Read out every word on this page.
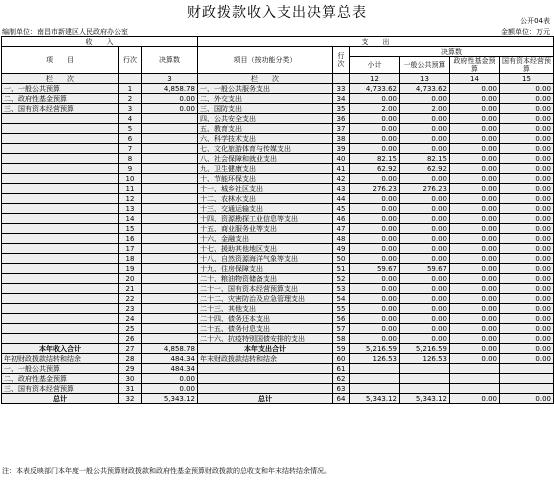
财政拨款收入支出决算总表	公开04表
编制单位：南昌市新建区人民政府办公室	金额单位：万元
收　　入			支　　出					
项　　目	行次	决算数	项目（按功能分类）	行次	决算数			
					小计	一般公共预算	政府性基金预算	国有资本经营预算

栏　　次		3	栏　　次		12	13	14	15
一、一般公共预算	1	4,858.78	一、一般公共服务支出	33	4,733.62	4,733.62	0.00	0.00
二、政府性基金预算	2	0.00	二、外交支出	34	0.00	0.00	0.00	0.00
三、国有资本经营预算	3	0.00	三、国防支出	35	2.00	2.00	0.00	0.00
	4		四、公共安全支出	36	0.00	0.00	0.00	0.00
	5		五、教育支出	37	0.00	0.00	0.00	0.00
	6		六、科学技术支出	38	0.00	0.00	0.00	0.00
	7		七、文化旅游体育与传媒支出	39	0.00	0.00	0.00	0.00
	8		八、社会保障和就业支出	40	82.15	82.15	0.00	0.00
	9		九、卫生健康支出	41	62.92	62.92	0.00	0.00
	10		十、节能环保支出	42	0.00	0.00	0.00	0.00
	11		十一、城乡社区支出	43	276.23	276.23	0.00	0.00
	12		十二、农林水支出	44	0.00	0.00	0.00	0.00
	13		十三、交通运输支出	45	0.00	0.00	0.00	0.00
	14		十四、资源勘探工业信息等支出	46	0.00	0.00	0.00	0.00
	15		十五、商业服务业等支出	47	0.00	0.00	0.00	0.00
	16		十六、金融支出	48	0.00	0.00	0.00	0.00
	17		十七、援助其他地区支出	49	0.00	0.00	0.00	0.00
	18		十八、自然资源海洋气象等支出	50	0.00	0.00	0.00	0.00
	19		十九、住房保障支出	51	59.67	59.67	0.00	0.00
	20		二十、粮油物资储备支出	52	0.00	0.00	0.00	0.00
	21		二十一、国有资本经营预算支出	53	0.00	0.00	0.00	0.00
	22		二十二、灾害防治及应急管理支出	54	0.00	0.00	0.00	0.00
	23		二十三、其他支出	55	0.00	0.00	0.00	0.00
	24		二十四、债务还本支出	56	0.00	0.00	0.00	0.00
	25		二十五、债务付息支出	57	0.00	0.00	0.00	0.00
	26		二十六、抗疫特别国债安排的支出	58	0.00	0.00	0.00	0.00
本年收入合计	27	4,858.78	本年支出合计	59	5,216.59	5,216.59	0.00	0.00
年初财政拨款结转和结余	28	484.34	年末财政拨款结转和结余	60	126.53	126.53	0.00	0.00
一、一般公共预算	29	484.34		61				
二、政府性基金预算	30	0.00		62				
三、国有资本经营预算	31	0.00		63				
总计	32	5,343.12	总计	64	5,343.12	5,343.12	0.00	0.00
注：本表反映部门本年度一般公共预算财政拨款和政府性基金预算财政拨款的总收支和年末结转结余情况。
